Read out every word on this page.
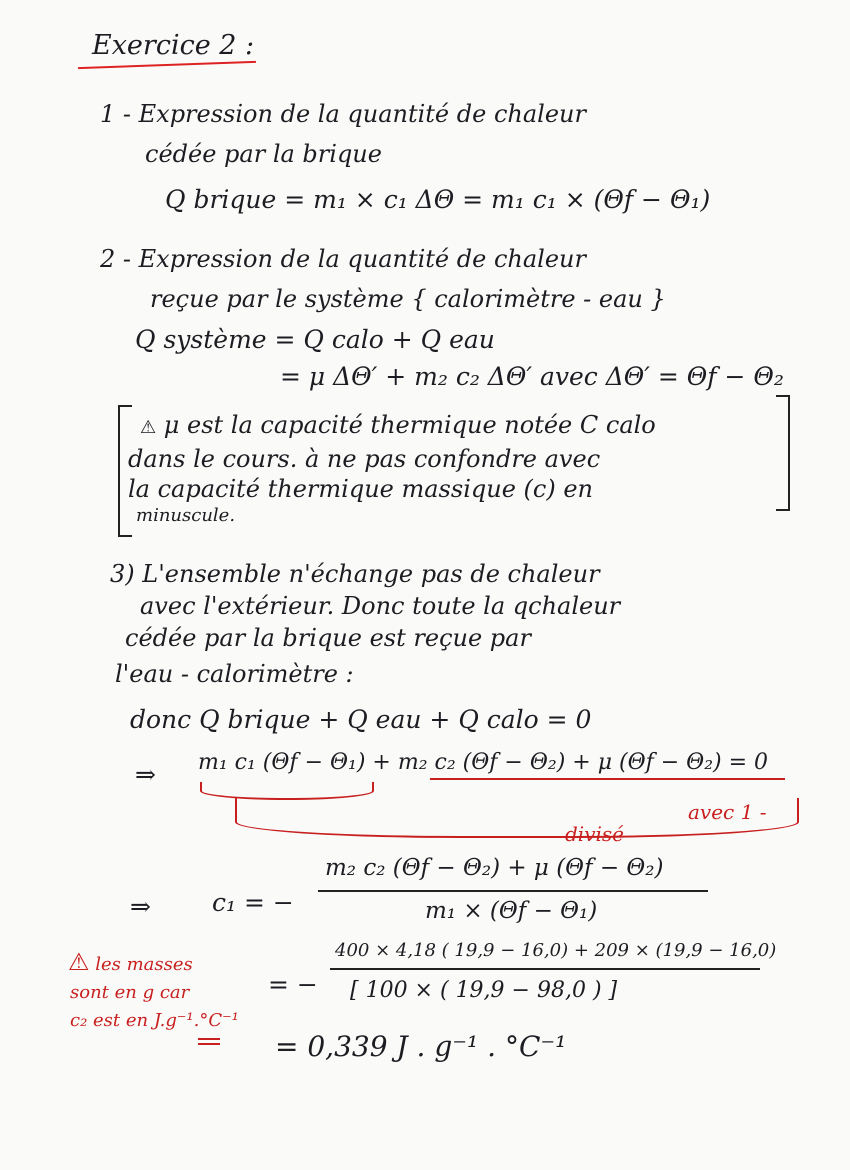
Exercice 2 :
1 - Expression de la quantité de chaleur
cédée par la brique
Q brique = m₁ × c₁ ΔΘ = m₁ c₁ × (Θf − Θ₁)
2 - Expression de la quantité de chaleur
reçue par le système { calorimètre - eau }
Q système = Q calo + Q eau
= μ ΔΘ′ + m₂ c₂ ΔΘ′ avec ΔΘ′ = Θf − Θ₂
⚠ μ est la capacité thermique notée C calo
dans le cours. à ne pas confondre avec
la capacité thermique massique (c) en
minuscule.
3) L'ensemble n'échange pas de chaleur
avec l'extérieur. Donc toute la qchaleur
cédée par la brique est reçue par
l'eau - calorimètre :
donc Q brique + Q eau + Q calo = 0
⇒ m₁ c₁ (Θf − Θ₁) + m₂ c₂ (Θf − Θ₂) + μ (Θf − Θ₂) = 0
avec 1 -
divisé
⇒ c₁ = −
m₂ c₂ (Θf − Θ₂) + μ (Θf − Θ₂)
m₁ × (Θf − Θ₁)
= −
400 × 4,18 ( 19,9 − 16,0) + 209 × (19,9 − 16,0)
[ 100 × ( 19,9 − 98,0 ) ]
= 0,339 J . g⁻¹ . °C⁻¹
⚠ les masses
sont en g car
c₂ est en J.g⁻¹.°C⁻¹
